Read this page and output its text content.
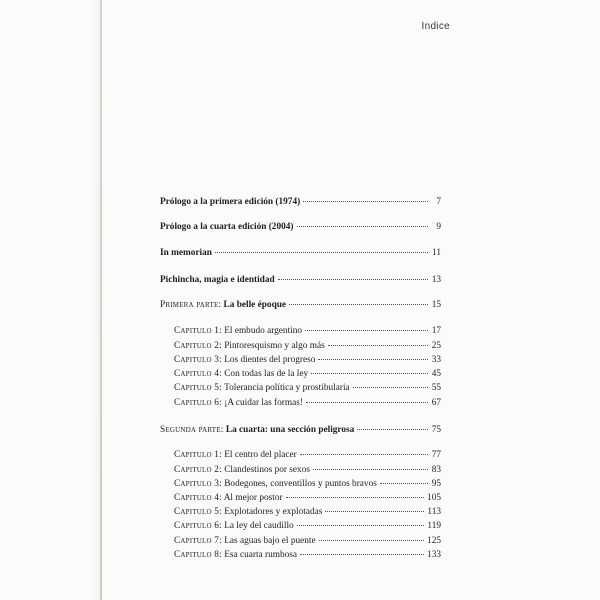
Indice
Prólogo a la primera edición (1974)	7
Prólogo a la cuarta edición (2004)	9
In memorian	11
Pichincha, magia e identidad	13
Primera parte: La belle époque	15
Capitulo 1: El embudo argentino	17
Capitulo 2: Pintoresquismo y algo más	25
Capitulo 3: Los dientes del progreso	33
Capitulo 4: Con todas las de la ley	45
Capitulo 5: Tolerancia política y prostibularia	55
Capitulo 6: ¡A cuidar las formas!	67
Segunda parte: La cuarta: una sección peligrosa	75
Capitulo 1: El centro del placer	77
Capitulo 2: Clandestinos por sexos	83
Capitulo 3: Bodegones, conventillos y puntos bravos	95
Capitulo 4: Al mejor postor	105
Capitulo 5: Explotadores y explotadas	113
Capitulo 6: La ley del caudillo	119
Capitulo 7: Las aguas bajo el puente	125
Capitulo 8: Esa cuarta rumbosa	133
